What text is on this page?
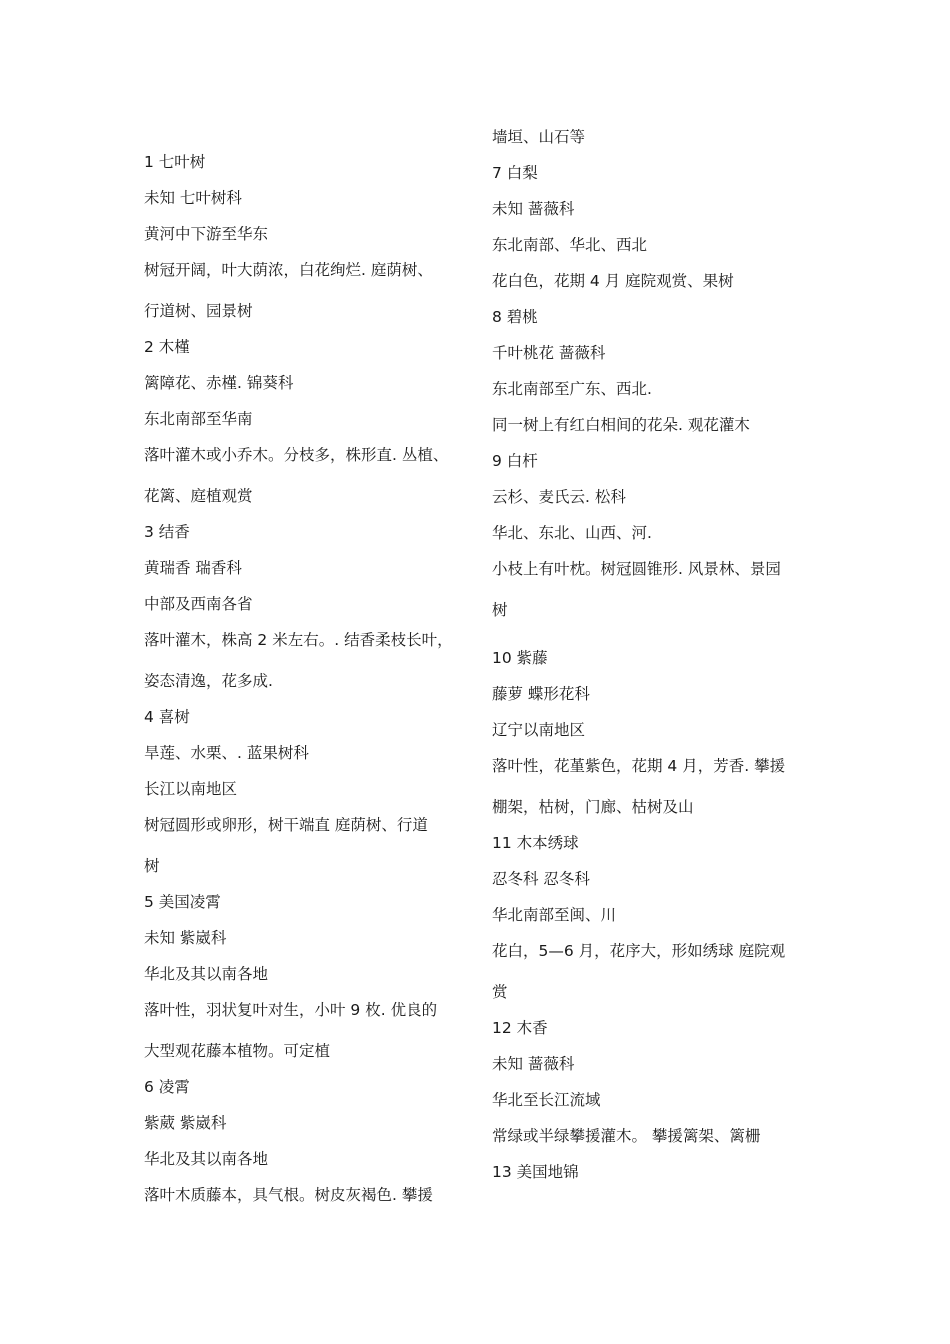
1 七叶树
未知 七叶树科
黄河中下游至华东
树冠开阔，叶大荫浓，白花绚烂. 庭荫树、
行道树、园景树
2 木槿
篱障花、赤槿. 锦葵科
东北南部至华南
落叶灌木或小乔木。分枝多，株形直. 丛植、
花篱、庭植观赏
3 结香
黄瑞香 瑞香科
中部及西南各省
落叶灌木，株高 2 米左右。. 结香柔枝长叶，
姿态清逸，花多成.
4 喜树
旱莲、水栗、. 蓝果树科
长江以南地区
树冠圆形或卵形，树干端直 庭荫树、行道
树
5 美国凌霄
未知 紫崴科
华北及其以南各地
落叶性，羽状复叶对生，小叶 9 枚. 优良的
大型观花藤本植物。可定植
6 凌霄
紫葳 紫崴科
华北及其以南各地
落叶木质藤本，具气根。树皮灰褐色. 攀援
墙垣、山石等
7 白梨
未知 蔷薇科
东北南部、华北、西北
花白色，花期 4 月 庭院观赏、果树
8 碧桃
千叶桃花 蔷薇科
东北南部至广东、西北.
同一树上有红白相间的花朵. 观花灌木
9 白杆
云杉、麦氏云. 松科
华北、东北、山西、河.
小枝上有叶枕。树冠圆锥形. 风景林、景园
树
10 紫藤
藤萝 蝶形花科
辽宁以南地区
落叶性，花堇紫色，花期 4 月，芳香. 攀援
棚架，枯树，门廊、枯树及山
11 木本绣球
忍冬科 忍冬科
华北南部至闽、川
花白，5—6 月，花序大，形如绣球 庭院观
赏
12 木香
未知 蔷薇科
华北至长江流域
常绿或半绿攀援灌木。 攀援篱架、篱栅
13 美国地锦
